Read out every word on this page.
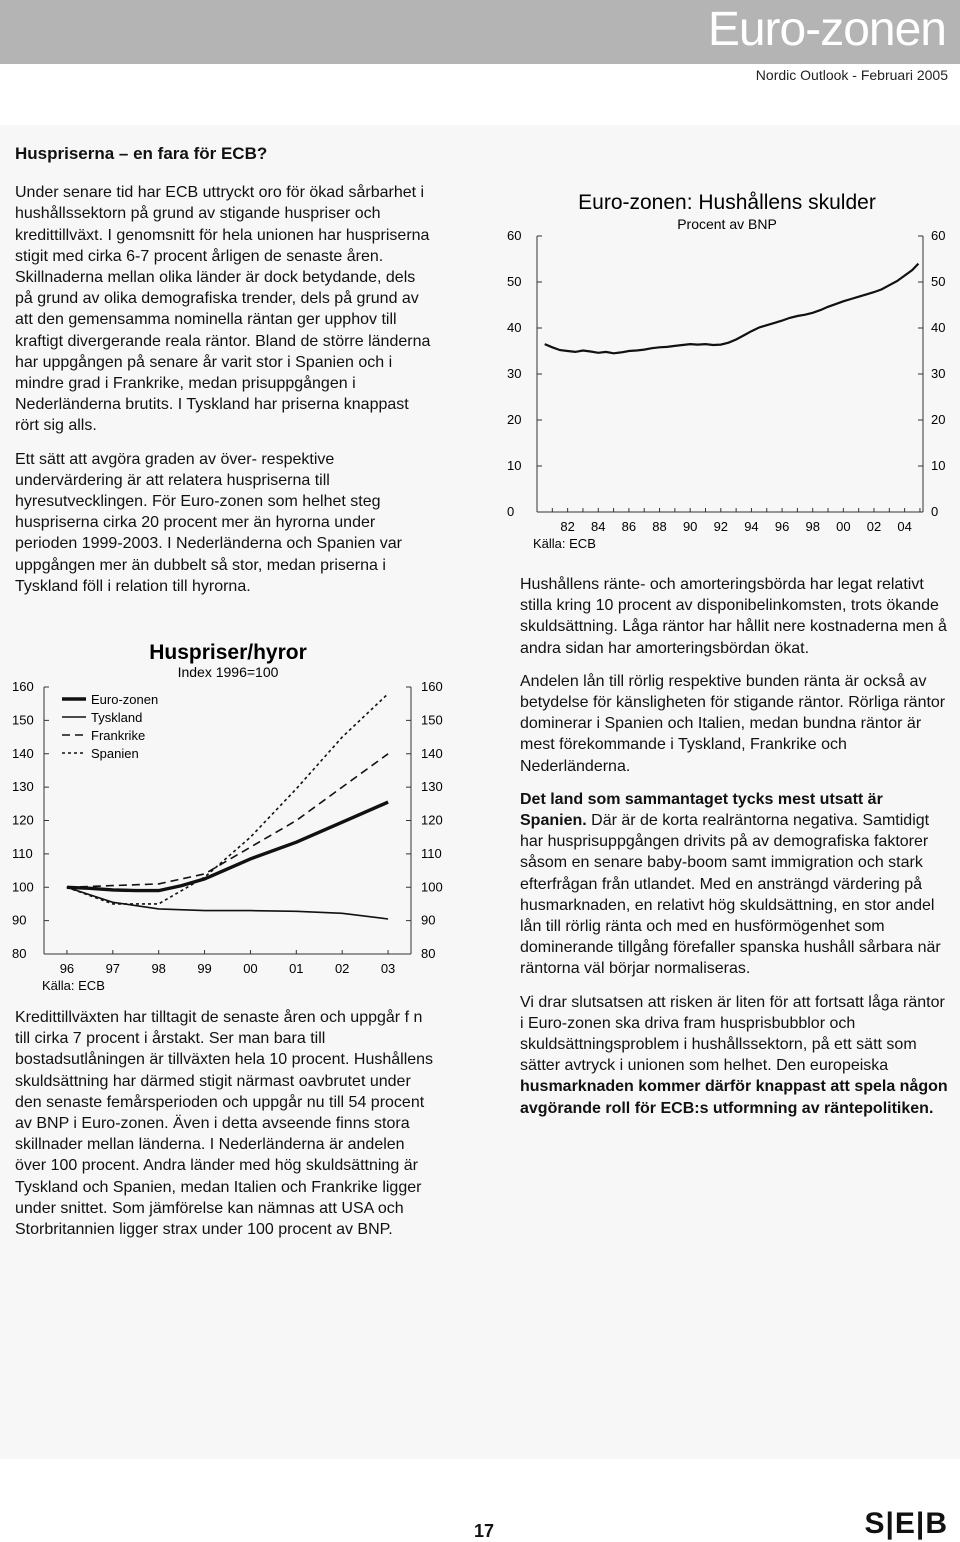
Euro-zonen
Nordic Outlook - Februari 2005
Huspriserna – en fara för ECB?

Under senare tid har ECB uttryckt oro för ökad sårbarhet i hushållssektorn på grund av stigande huspriser och kredittillväxt. I genomsnitt för hela unionen har huspriserna stigit med cirka 6-7 procent årligen de senaste åren. Skillnaderna mellan olika länder är dock betydande, dels på grund av olika demografiska trender, dels på grund av att den gemensamma nominella räntan ger upphov till kraftigt divergerande reala räntor. Bland de större länderna har uppgången på senare år varit stor i Spanien och i mindre grad i Frankrike, medan prisuppgången i Nederländerna brutits. I Tyskland har priserna knappast rört sig alls.

Ett sätt att avgöra graden av över- respektive undervärdering är att relatera huspriserna till hyresutvecklingen. För Euro-zonen som helhet steg huspriserna cirka 20 procent mer än hyrorna under perioden 1999-2003. I Nederländerna och Spanien var uppgången mer än dubbelt så stor, medan priserna i Tyskland föll i relation till hyrorna.

Euro-zonen: Hushållens skulder
Procent av BNP
0	0
10	10
20	20
30	30
40	40
50	50
60	60
82 84 86 88 90 92 94 96 98 00 02 04
Källa: ECB
Huspriser/hyror
Index 1996=100
80	80
90	90
100	100
110	110
120	120
130	130
140	140
150	150
160	160
96 97 98 99 00 01 02 03
Källa: ECB
Euro-zonen
Tyskland
Frankrike
Spanien
Kredittillväxten har tilltagit de senaste åren och uppgår f n till cirka 7 procent i årstakt. Ser man bara till bostadsutlåningen är tillväxten hela 10 procent. Hushållens skuldsättning har därmed stigit närmast oavbrutet under den senaste femårsperioden och uppgår nu till 54 procent av BNP i Euro-zonen. Även i detta avseende finns stora skillnader mellan länderna. I Nederländerna är andelen över 100 procent. Andra länder med hög skuldsättning är Tyskland och Spanien, medan Italien och Frankrike ligger under snittet. Som jämförelse kan nämnas att USA och Storbritannien ligger strax under 100 procent av BNP.

Hushållens ränte- och amorteringsbörda har legat relativt stilla kring 10 procent av disponibelinkomsten, trots ökande skuldsättning. Låga räntor har hållit nere kostnaderna men å andra sidan har amorteringsbördan ökat.

Andelen lån till rörlig respektive bunden ränta är också av betydelse för känsligheten för stigande räntor. Rörliga räntor dominerar i Spanien och Italien, medan bundna räntor är mest förekommande i Tyskland, Frankrike och Nederländerna.

Det land som sammantaget tycks mest utsatt är Spanien. Där är de korta realräntorna negativa. Samtidigt har husprisuppgången drivits på av demografiska faktorer såsom en senare baby-boom samt immigration och stark efterfrågan från utlandet. Med en ansträngd värdering på husmarknaden, en relativt hög skuldsättning, en stor andel lån till rörlig ränta och med en husförmögenhet som dominerande tillgång förefaller spanska hushåll sårbara när räntorna väl börjar normaliseras.

Vi drar slutsatsen att risken är liten för att fortsatt låga räntor i Euro-zonen ska driva fram husprisbubblor och skuldsättningsproblem i hushållssektorn, på ett sätt som sätter avtryck i unionen som helhet. Den europeiska husmarknaden kommer därför knappast att spela någon avgörande roll för ECB:s utformning av räntepolitiken.

17	S|E|B
